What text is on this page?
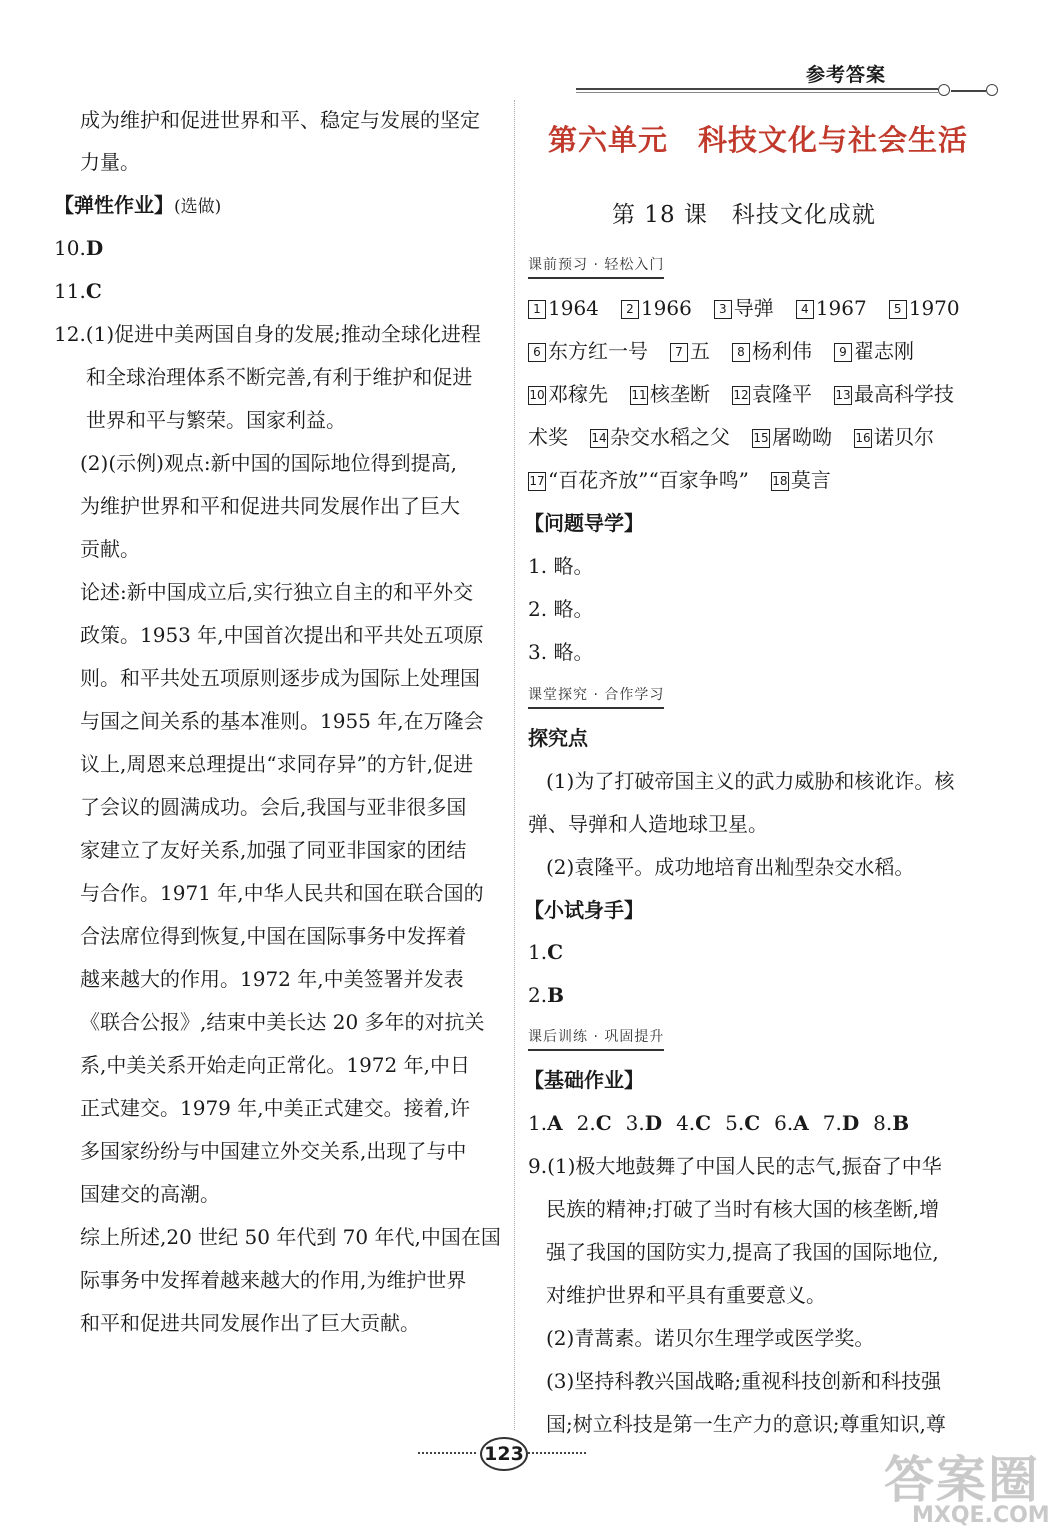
参考答案
成为维护和促进世界和平、稳定与发展的坚定
力量。
【弹性作业】(选做)
10.D
11.C
12.(1)促进中美两国自身的发展;推动全球化进程
和全球治理体系不断完善,有利于维护和促进
世界和平与繁荣。国家利益。
(2)(示例)观点:新中国的国际地位得到提高,
为维护世界和平和促进共同发展作出了巨大
贡献。
论述:新中国成立后,实行独立自主的和平外交
政策。1953 年,中国首次提出和平共处五项原
则。和平共处五项原则逐步成为国际上处理国
与国之间关系的基本准则。1955 年,在万隆会
议上,周恩来总理提出“求同存异”的方针,促进
了会议的圆满成功。会后,我国与亚非很多国
家建立了友好关系,加强了同亚非国家的团结
与合作。1971 年,中华人民共和国在联合国的
合法席位得到恢复,中国在国际事务中发挥着
越来越大的作用。1972 年,中美签署并发表
《联合公报》,结束中美长达 20 多年的对抗关
系,中美关系开始走向正常化。1972 年,中日
正式建交。1979 年,中美正式建交。接着,许
多国家纷纷与中国建立外交关系,出现了与中
国建交的高潮。
综上所述,20 世纪 50 年代到 70 年代,中国在国
际事务中发挥着越来越大的作用,为维护世界
和平和促进共同发展作出了巨大贡献。
第六单元　科技文化与社会生活
第 18 课　科技文化成就
课前预习 · 轻松入门
1 1964 2 1966 3 导弹 4 1967 5 1970
6 东方红一号 7 五 8 杨利伟 9 翟志刚
10 邓稼先 11 核垄断 12 袁隆平 13 最高科学技
术奖 14 杂交水稻之父 15 屠呦呦 16 诺贝尔
17 “百花齐放”“百家争鸣” 18 莫言
【问题导学】
1. 略。
2. 略。
3. 略。
课堂探究 · 合作学习
探究点
(1)为了打破帝国主义的武力威胁和核讹诈。核
弹、导弹和人造地球卫星。
(2)袁隆平。成功地培育出籼型杂交水稻。
【小试身手】
1.C
2.B
课后训练 · 巩固提升
【基础作业】
1.A 2.C 3.D 4.C 5.C 6.A 7.D 8.B
9.(1)极大地鼓舞了中国人民的志气,振奋了中华
民族的精神;打破了当时有核大国的核垄断,增
强了我国的国防实力,提高了我国的国际地位,
对维护世界和平具有重要意义。
(2)青蒿素。诺贝尔生理学或医学奖。
(3)坚持科教兴国战略;重视科技创新和科技强
国;树立科技是第一生产力的意识;尊重知识,尊
123	答案圈
MXQE.COM
